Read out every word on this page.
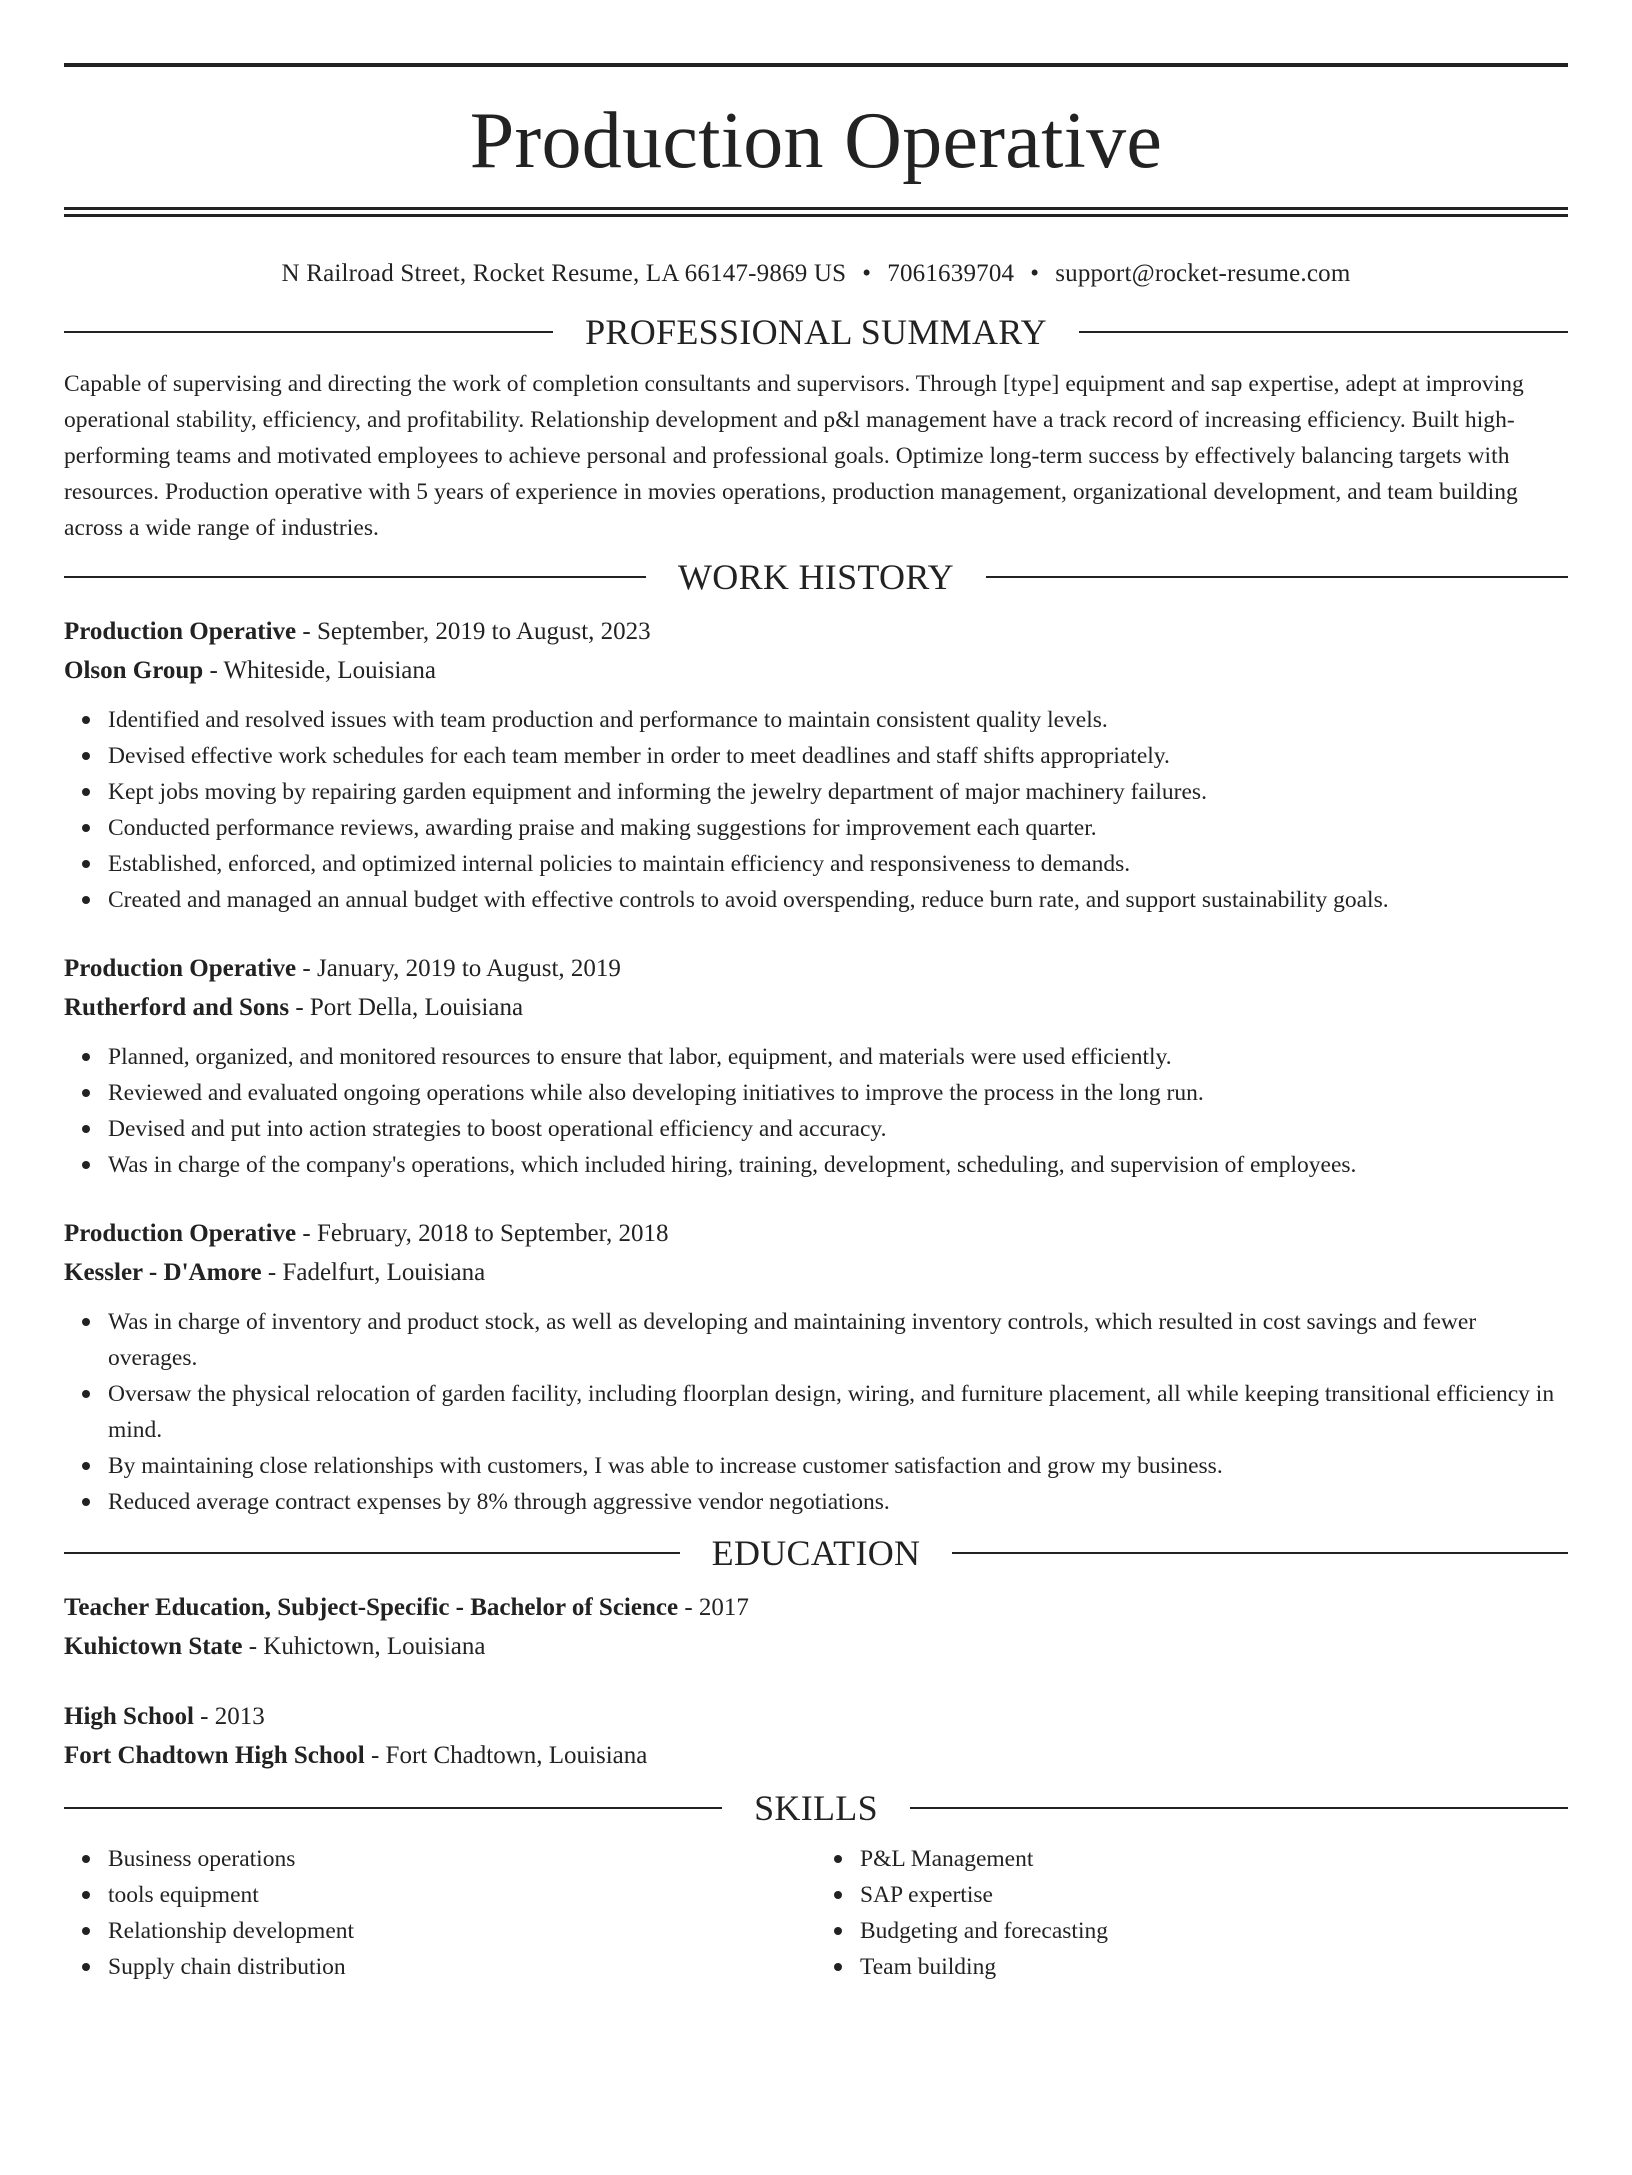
Production Operative
N Railroad Street, Rocket Resume, LA 66147-9869 US • 7061639704 • support@rocket-resume.com
PROFESSIONAL SUMMARY

Capable of supervising and directing the work of completion consultants and supervisors. Through [type] equipment and sap expertise, adept at improving operational stability, efficiency, and profitability. Relationship development and p&l management have a track record of increasing efficiency. Built high-performing teams and motivated employees to achieve personal and professional goals. Optimize long-term success by effectively balancing targets with resources. Production operative with 5 years of experience in movies operations, production management, organizational development, and team building across a wide range of industries.

WORK HISTORY

Production Operative - September, 2019 to August, 2023

Olson Group - Whiteside, Louisiana

Identified and resolved issues with team production and performance to maintain consistent quality levels.
Devised effective work schedules for each team member in order to meet deadlines and staff shifts appropriately.
Kept jobs moving by repairing garden equipment and informing the jewelry department of major machinery failures.
Conducted performance reviews, awarding praise and making suggestions for improvement each quarter.
Established, enforced, and optimized internal policies to maintain efficiency and responsiveness to demands.
Created and managed an annual budget with effective controls to avoid overspending, reduce burn rate, and support sustainability goals.

Production Operative - January, 2019 to August, 2019

Rutherford and Sons - Port Della, Louisiana

Planned, organized, and monitored resources to ensure that labor, equipment, and materials were used efficiently.
Reviewed and evaluated ongoing operations while also developing initiatives to improve the process in the long run.
Devised and put into action strategies to boost operational efficiency and accuracy.
Was in charge of the company's operations, which included hiring, training, development, scheduling, and supervision of employees.

Production Operative - February, 2018 to September, 2018

Kessler - D'Amore - Fadelfurt, Louisiana

Was in charge of inventory and product stock, as well as developing and maintaining inventory controls, which resulted in cost savings and fewer overages.
Oversaw the physical relocation of garden facility, including floorplan design, wiring, and furniture placement, all while keeping transitional efficiency in mind.
By maintaining close relationships with customers, I was able to increase customer satisfaction and grow my business.
Reduced average contract expenses by 8% through aggressive vendor negotiations.
EDUCATION

Teacher Education, Subject-Specific - Bachelor of Science - 2017

Kuhictown State - Kuhictown, Louisiana

High School - 2013

Fort Chadtown High School - Fort Chadtown, Louisiana

SKILLS
Business operations
tools equipment
Relationship development
Supply chain distribution
P&L Management
SAP expertise
Budgeting and forecasting
Team building
